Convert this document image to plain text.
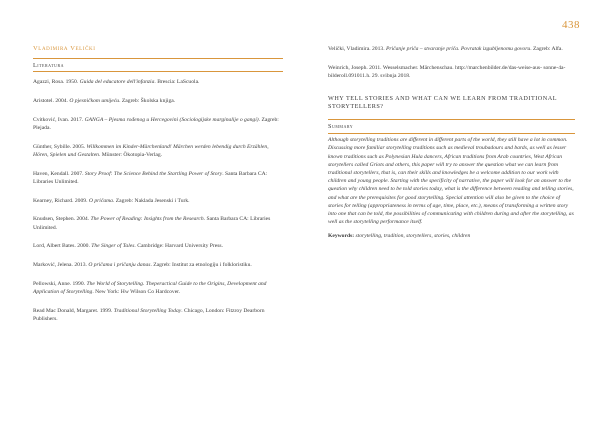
438
Vladimira Velički
Literatura

Agazzi, Rosa. 1950. Guida del educatore dell'infanzia. Brescia: LaScuola.

Aristotel. 2004. O pjesničkom umijeću. Zagreb: Školska knjiga.

Cvitković, Ivan. 2017. GANGA – Pjesma rođenog u Hercegovini (Sociologijske marginalije o gangi). Zagreb: Plejada.

Günther, Sybille. 2005. Willkommen im Kinder-Märchenland! Märchen werden lebendig durch Erzählen, Hören, Spielen und Gestalten. Münster: Ökotopia-Verlag.

Haven, Kendall. 2007. Story Proof: The Science Behind the Startling Power of Story. Santa Barbara CA: Libraries Unlimited.

Kearney, Richard. 2009. O pričama. Zagreb: Naklada Jesenski i Turk.

Knudsen, Stephen. 2004. The Power of Reading: Insights from the Research. Santa Barbara CA: Libraries Unlimited.

Lord, Albert Bates. 2000. The Singer of Tales. Cambridge: Harvard University Press.

Marković, Jelena. 2013. O pričama i pričanju danas. Zagreb: Institut za etnologiju i folkloristiku.

Pellowski, Anne. 1990. The World of Storytelling. Theperactical Guide to the Origins, Development and Application of Storytelling. New York: Hw Wilson Co Hardcover.

Read Mac Donald, Margaret. 1999. Traditional Storytelling Today. Chicago, London: Fitzroy Dearborn Publishers.

Velički, Vladimira. 2013. Pričanje priča – stvaranje priča. Povratak izgubljenomu govoru. Zagreb: Alfa.

Weinrich, Joseph. 2011. Wesselsmacher. Märchenschau. http://marchenbilder.de/das-weise-aus- sonne-4a-bilderoll.091011.h. 29. svibnja 2018.

WHY TELL STORIES AND WHAT CAN WE LEARN FROM TRADITIONAL STORYTELLERS?
Summary
Although storytelling traditions are different in different parts of the world, they still have a lot in common. Discussing more familiar storytelling traditions such as medieval troubadours and bards, as well as lesser known traditions such as Polynesian Hula dancers, African traditions from Arab countries, West African storytellers called Griots and others, this paper will try to answer the question what we can learn from traditional storytellers, that is, can their skills and knowledges be a welcome addition to our work with children and young people. Starting with the specificity of narrative, the paper will look for an answer to the question why children need to be told stories today, what is the difference between reading and telling stories, and what are the prerequisites for good storytelling. Special attention will also be given to the choice of stories for telling (appropriateness in terms of age, time, place, etc.), means of transforming a written story into one that can be told, the possibilities of communicating with children during and after the storytelling, as well as the storytelling performance itself.
Keywords: storytelling, tradition, storytellers, stories, children
